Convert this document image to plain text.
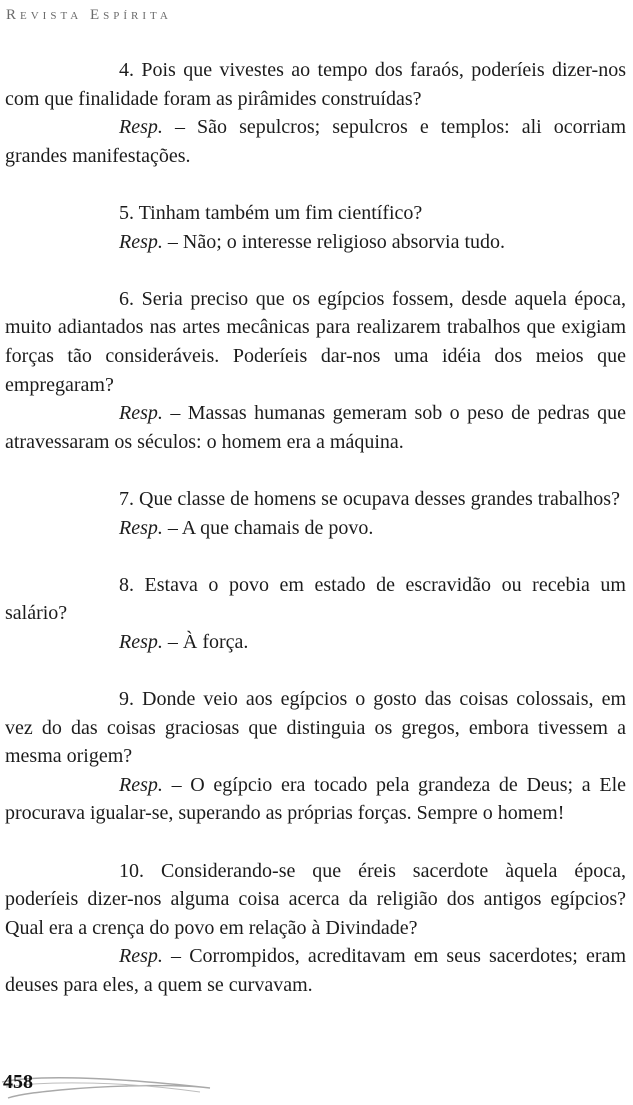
Revista Espírita

4. Pois que vivestes ao tempo dos faraós, poderíeis dizer-nos com que finalidade foram as pirâmides construídas?

Resp. – São sepulcros; sepulcros e templos: ali ocorriam grandes manifestações.

5. Tinham também um fim científico?

Resp. – Não; o interesse religioso absorvia tudo.

6. Seria preciso que os egípcios fossem, desde aquela época, muito adiantados nas artes mecânicas para realizarem trabalhos que exigiam forças tão consideráveis. Poderíeis dar-nos uma idéia dos meios que empregaram?

Resp. – Massas humanas gemeram sob o peso de pedras que atravessaram os séculos: o homem era a máquina.

7. Que classe de homens se ocupava desses grandes trabalhos?

Resp. – A que chamais de povo.

8. Estava o povo em estado de escravidão ou recebia um salário?

Resp. – À força.

9. Donde veio aos egípcios o gosto das coisas colossais, em vez do das coisas graciosas que distinguia os gregos, embora tivessem a mesma origem?

Resp. – O egípcio era tocado pela grandeza de Deus; a Ele procurava igualar-se, superando as próprias forças. Sempre o homem!

10. Considerando-se que éreis sacerdote àquela época, poderíeis dizer-nos alguma coisa acerca da religião dos antigos egípcios? Qual era a crença do povo em relação à Divindade?

Resp. – Corrompidos, acreditavam em seus sacerdotes; eram deuses para eles, a quem se curvavam.

458
